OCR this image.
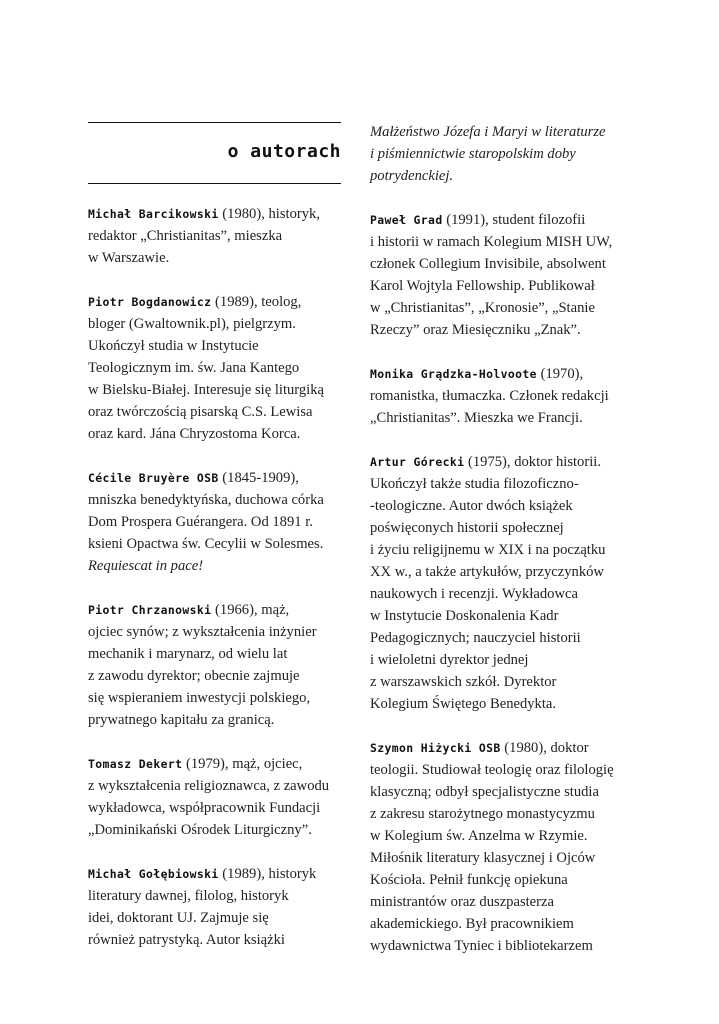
o autorach
Michał Barcikowski (1980), historyk,
redaktor „Christianitas”, mieszka
w Warszawie.
Piotr Bogdanowicz (1989), teolog,
bloger (Gwaltownik.pl), pielgrzym.
Ukończył studia w Instytucie
Teologicznym im. św. Jana Kantego
w Bielsku-Białej. Interesuje się liturgiką
oraz twórczością pisarską C.S. Lewisa
oraz kard. Jána Chryzostoma Korca.
Cécile Bruyère OSB (1845-1909),
mniszka benedyktyńska, duchowa córka
Dom Prospera Guérangera. Od 1891 r.
ksieni Opactwa św. Cecylii w Solesmes.
Requiescat in pace!
Piotr Chrzanowski (1966), mąż,
ojciec synów; z wykształcenia inżynier
mechanik i marynarz, od wielu lat
z zawodu dyrektor; obecnie zajmuje
się wspieraniem inwestycji polskiego,
prywatnego kapitału za granicą.
Tomasz Dekert (1979), mąż, ojciec,
z wykształcenia religioznawca, z zawodu
wykładowca, współpracownik Fundacji
„Dominikański Ośrodek Liturgiczny”.
Michał Gołębiowski (1989), historyk
literatury dawnej, filolog, historyk
idei, doktorant UJ. Zajmuje się
również patrystyką. Autor książki
Małżeństwo Józefa i Maryi w literaturze
i piśmiennictwie staropolskim doby
potrydenckiej.
Paweł Grad (1991), student filozofii
i historii w ramach Kolegium MISH UW,
członek Collegium Invisibile, absolwent
Karol Wojtyla Fellowship. Publikował
w „Christianitas”, „Kronosie”, „Stanie
Rzeczy” oraz Miesięczniku „Znak”.
Monika Grądzka-Holvoote (1970),
romanistka, tłumaczka. Członek redakcji
„Christianitas”. Mieszka we Francji.
Artur Górecki (1975), doktor historii.
Ukończył także studia filozoficzno-
-teologiczne. Autor dwóch książek
poświęconych historii społecznej
i życiu religijnemu w XIX i na początku
XX w., a także artykułów, przyczynków
naukowych i recenzji. Wykładowca
w Instytucie Doskonalenia Kadr
Pedagogicznych; nauczyciel historii
i wieloletni dyrektor jednej
z warszawskich szkół. Dyrektor
Kolegium Świętego Benedykta.
Szymon Hiżycki OSB (1980), doktor
teologii. Studiował teologię oraz filologię
klasyczną; odbył specjalistyczne studia
z zakresu starożytnego monastycyzmu
w Kolegium św. Anzelma w Rzymie.
Miłośnik literatury klasycznej i Ojców
Kościoła. Pełnił funkcję opiekuna
ministrantów oraz duszpasterza
akademickiego. Był pracownikiem
wydawnictwa Tyniec i bibliotekarzem
